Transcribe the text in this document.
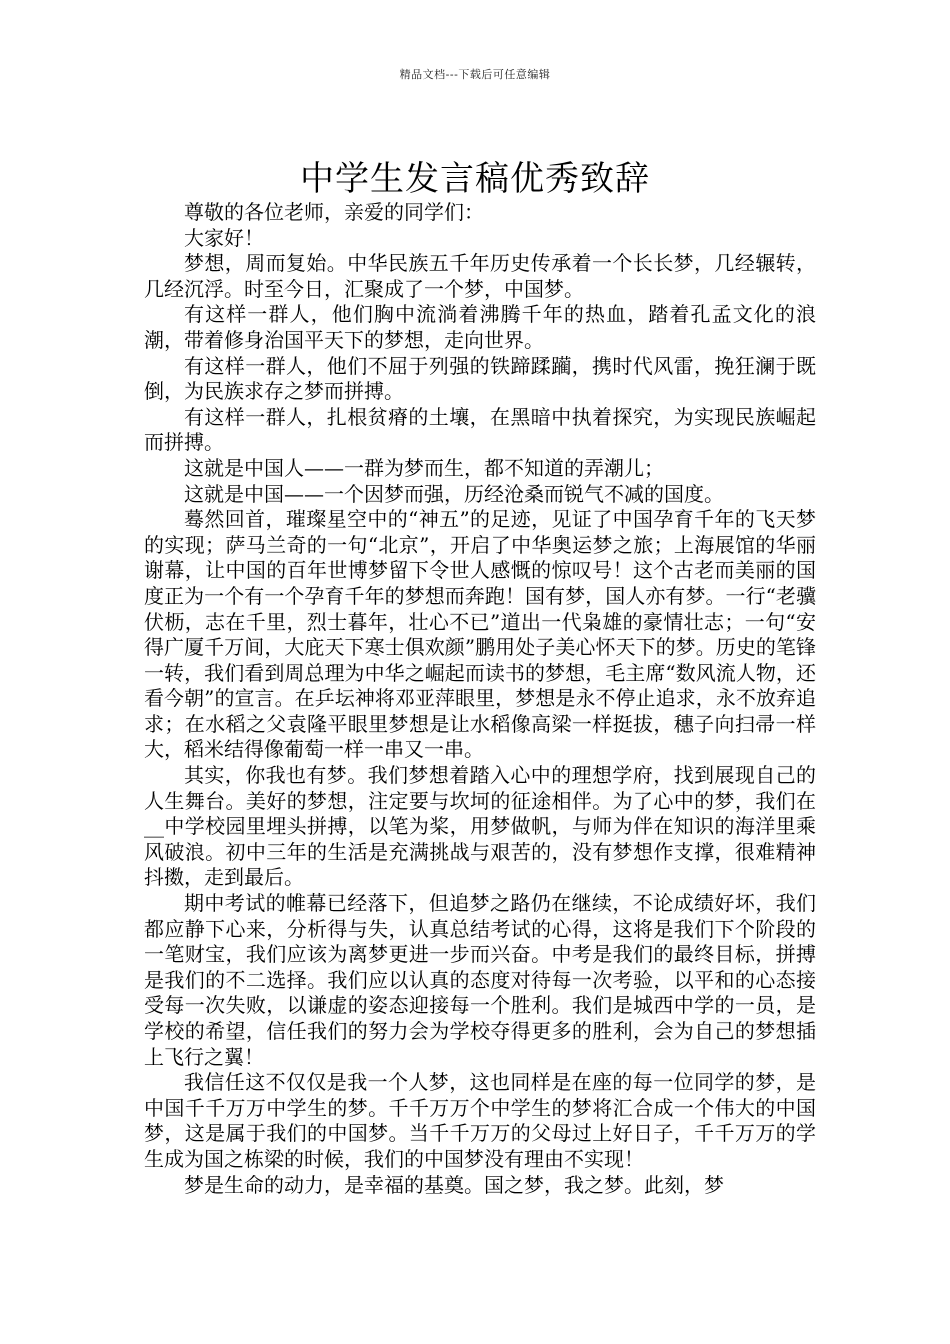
精品文档---下载后可任意编辑
中学生发言稿优秀致辞

尊敬的各位老师，亲爱的同学们：

大家好！

梦想，周而复始。中华民族五千年历史传承着一个长长梦，几经辗转，几经沉浮。时至今日，汇聚成了一个梦，中国梦。

有这样一群人，他们胸中流淌着沸腾千年的热血，踏着孔孟文化的浪潮，带着修身治国平天下的梦想，走向世界。

有这样一群人，他们不屈于列强的铁蹄蹂躏，携时代风雷，挽狂澜于既倒，为民族求存之梦而拼搏。

有这样一群人，扎根贫瘠的土壤，在黑暗中执着探究，为实现民族崛起而拼搏。

这就是中国人——一群为梦而生，都不知道的弄潮儿；

这就是中国——一个因梦而强，历经沧桑而锐气不减的国度。

蓦然回首，璀璨星空中的“神五”的足迹，见证了中国孕育千年的飞天梦的实现；萨马兰奇的一句“北京”，开启了中华奥运梦之旅；上海展馆的华丽谢幕，让中国的百年世博梦留下令世人感慨的惊叹号！这个古老而美丽的国度正为一个有一个孕育千年的梦想而奔跑！国有梦，国人亦有梦。一行“老骥伏枥，志在千里，烈士暮年，壮心不已”道出一代枭雄的豪情壮志；一句“安得广厦千万间，大庇天下寒士俱欢颜”鹏用处子美心怀天下的梦。历史的笔锋一转，我们看到周总理为中华之崛起而读书的梦想，毛主席“数风流人物，还看今朝”的宣言。在乒坛神将邓亚萍眼里，梦想是永不停止追求，永不放弃追求；在水稻之父袁隆平眼里梦想是让水稻像高梁一样挺拔，穗子向扫帚一样大，稻米结得像葡萄一样一串又一串。

其实，你我也有梦。我们梦想着踏入心中的理想学府，找到展现自己的人生舞台。美好的梦想，注定要与坎坷的征途相伴。为了心中的梦，我们在__中学校园里埋头拼搏，以笔为桨，用梦做帆，与师为伴在知识的海洋里乘风破浪。初中三年的生活是充满挑战与艰苦的，没有梦想作支撑，很难精神抖擞，走到最后。

期中考试的帷幕已经落下，但追梦之路仍在继续，不论成绩好坏，我们都应静下心来，分析得与失，认真总结考试的心得，这将是我们下个阶段的一笔财宝，我们应该为离梦更进一步而兴奋。中考是我们的最终目标，拼搏是我们的不二选择。我们应以认真的态度对待每一次考验，以平和的心态接受每一次失败，以谦虚的姿态迎接每一个胜利。我们是城西中学的一员，是学校的希望，信任我们的努力会为学校夺得更多的胜利，会为自己的梦想插上飞行之翼！

我信任这不仅仅是我一个人梦，这也同样是在座的每一位同学的梦，是中国千千万万中学生的梦。千千万万个中学生的梦将汇合成一个伟大的中国梦，这是属于我们的中国梦。当千千万万的父母过上好日子，千千万万的学生成为国之栋梁的时候，我们的中国梦没有理由不实现！

梦是生命的动力，是幸福的基奠。国之梦，我之梦。此刻，梦
